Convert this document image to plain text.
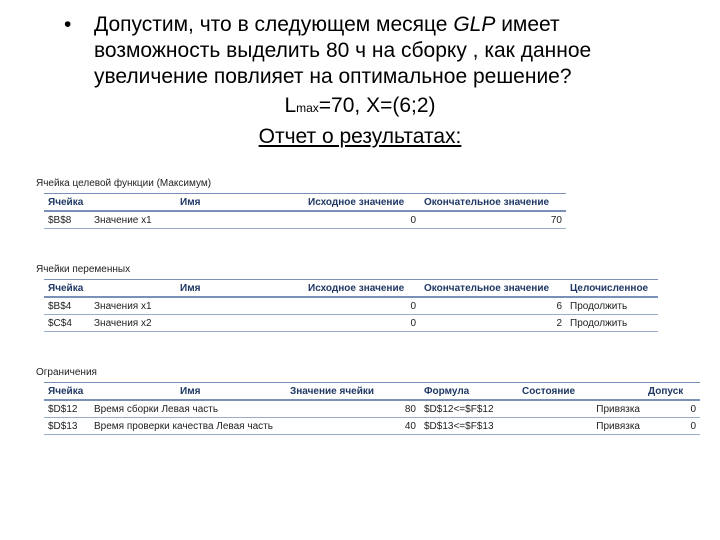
• Допустим, что в следующем месяце GLP имеет
возможность выделить 80 ч на сборку , как данное
увеличение повлияет на оптимальное решение?
Lmax=70, X=(6;2)
Отчет о результатах:
Ячейка целевой функции (Максимум)
Ячейка	Имя	Исходное значение	Окончательное значение
$B$8	Значение х1	0	70
Ячейки переменных
Ячейка	Имя	Исходное значение	Окончательное значение	Целочисленное
$B$4	Значения х1	0	6	Продолжить
$C$4	Значения х2	0	2	Продолжить
Ограничения
Ячейка	Имя	Значение ячейки	Формула	Состояние	Допуск
$D$12	Время сборки Левая часть	80	$D$12<=$F$12	Привязка	0
$D$13	Время проверки качества Левая часть	40	$D$13<=$F$13	Привязка	0
